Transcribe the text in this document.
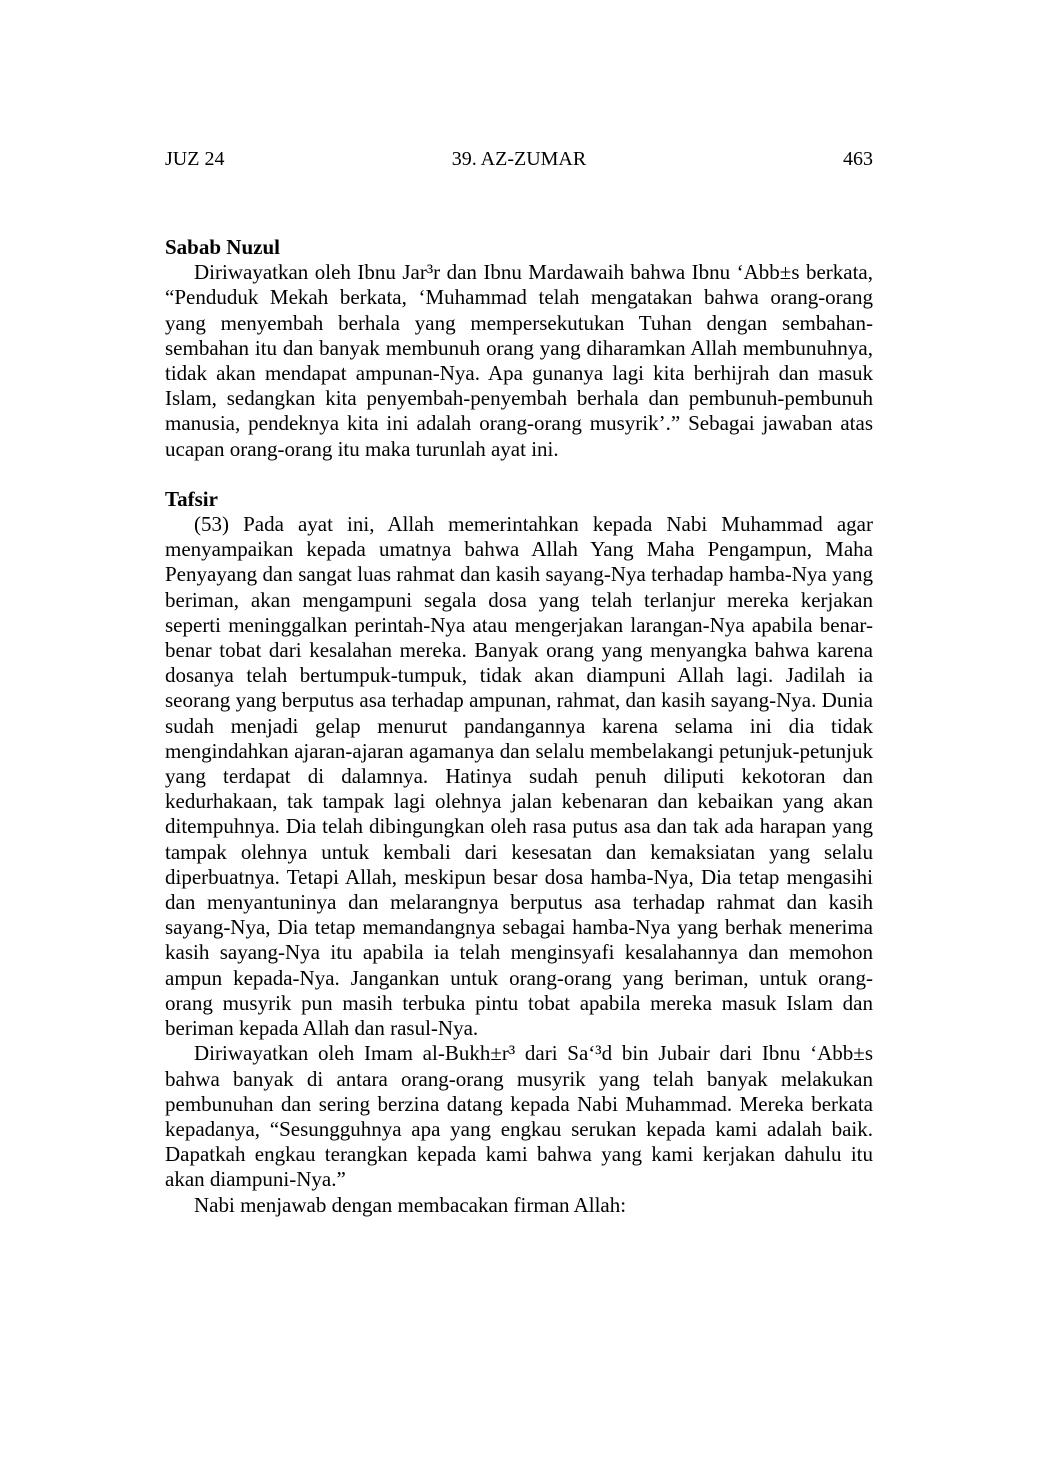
39. AZ-ZUMAR
JUZ 24	463
Sabab Nuzul

Diriwayatkan oleh Ibnu Jar³r dan Ibnu Mardawaih bahwa Ibnu ‘Abb±s berkata, “Penduduk Mekah berkata, ‘Muhammad telah mengatakan bahwa orang-orang yang menyembah berhala yang mempersekutukan Tuhan dengan sembahan-sembahan itu dan banyak membunuh orang yang diharamkan Allah membunuhnya, tidak akan mendapat ampunan-Nya. Apa gunanya lagi kita berhijrah dan masuk Islam, sedangkan kita penyembah-penyembah berhala dan pembunuh-pembunuh manusia, pendeknya kita ini adalah orang-orang musyrik’.” Sebagai jawaban atas ucapan orang-orang itu maka turunlah ayat ini.

Tafsir

(53) Pada ayat ini, Allah memerintahkan kepada Nabi Muhammad agar menyampaikan kepada umatnya bahwa Allah Yang Maha Pengampun, Maha Penyayang dan sangat luas rahmat dan kasih sayang-Nya terhadap hamba-Nya yang beriman, akan mengampuni segala dosa yang telah terlanjur mereka kerjakan seperti meninggalkan perintah-Nya atau mengerjakan larangan-Nya apabila benar-benar tobat dari kesalahan mereka. Banyak orang yang menyangka bahwa karena dosanya telah bertumpuk-tumpuk, tidak akan diampuni Allah lagi. Jadilah ia seorang yang berputus asa terhadap ampunan, rahmat, dan kasih sayang-Nya. Dunia sudah menjadi gelap menurut pandangannya karena selama ini dia tidak mengindahkan ajaran-ajaran agamanya dan selalu membelakangi petunjuk-petunjuk yang terdapat di dalamnya. Hatinya sudah penuh diliputi kekotoran dan kedurhakaan, tak tampak lagi olehnya jalan kebenaran dan kebaikan yang akan ditempuhnya. Dia telah dibingungkan oleh rasa putus asa dan tak ada harapan yang tampak olehnya untuk kembali dari kesesatan dan kemaksiatan yang selalu diperbuatnya. Tetapi Allah, meskipun besar dosa hamba-Nya, Dia tetap mengasihi dan menyantuninya dan melarangnya berputus asa terhadap rahmat dan kasih sayang-Nya, Dia tetap memandangnya sebagai hamba-Nya yang berhak menerima kasih sayang-Nya itu apabila ia telah menginsyafi kesalahannya dan memohon ampun kepada-Nya. Jangankan untuk orang-orang yang beriman, untuk orang-orang musyrik pun masih terbuka pintu tobat apabila mereka masuk Islam dan beriman kepada Allah dan rasul-Nya.

Diriwayatkan oleh Imam al-Bukh±r³ dari Sa‘³d bin Jubair dari Ibnu ‘Abb±s bahwa banyak di antara orang-orang musyrik yang telah banyak melakukan pembunuhan dan sering berzina datang kepada Nabi Muhammad. Mereka berkata kepadanya, “Sesungguhnya apa yang engkau serukan kepada kami adalah baik. Dapatkah engkau terangkan kepada kami bahwa yang kami kerjakan dahulu itu akan diampuni-Nya.”

Nabi menjawab dengan membacakan firman Allah:
